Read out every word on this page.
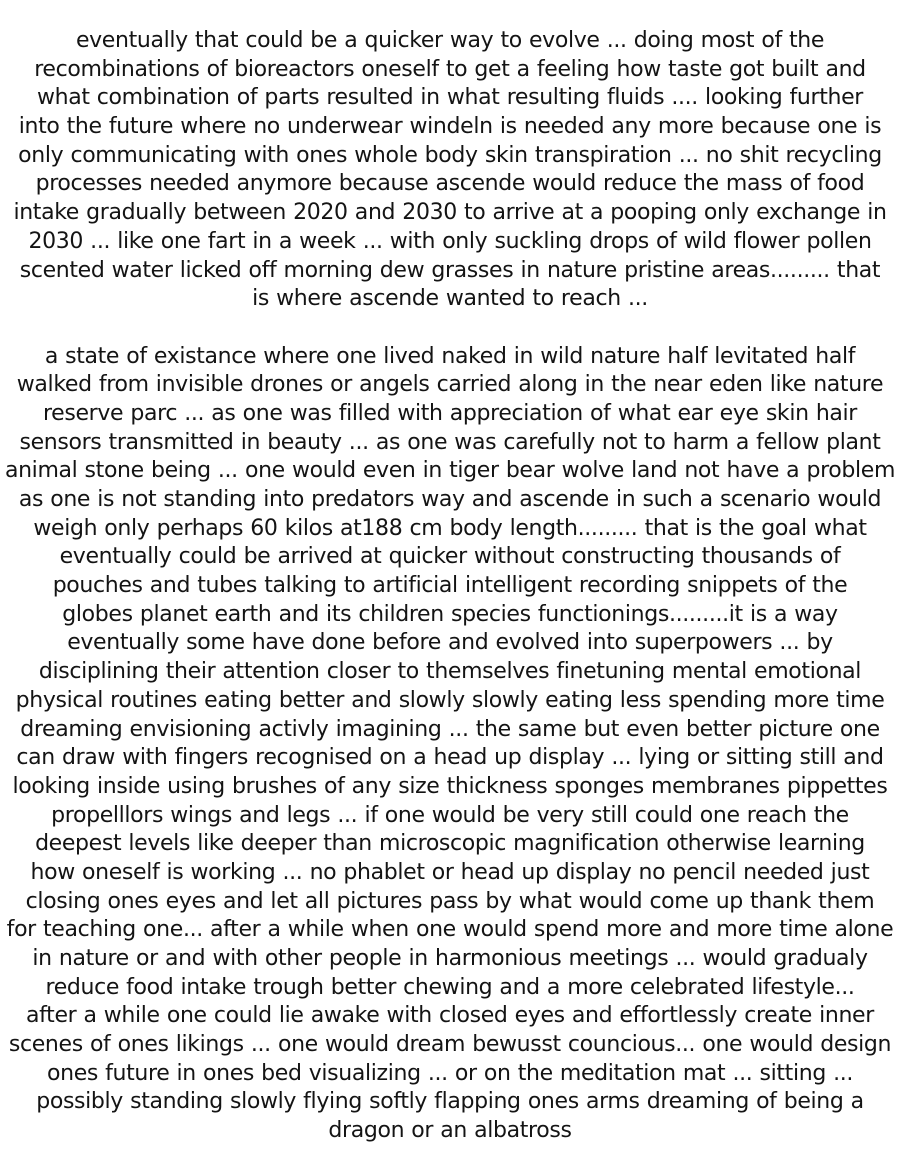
eventually that could be a quicker way to evolve ... doing most of the
recombinations of bioreactors oneself to get a feeling how taste got built and
what combination of parts resulted in what resulting fluids .... looking further
into the future where no underwear windeln is needed any more because one is
only communicating with ones whole body skin transpiration ... no shit recycling
processes needed anymore because ascende would reduce the mass of food
intake gradually between 2020 and 2030 to arrive at a pooping only exchange in
2030 ... like one fart in a week ... with only suckling drops of wild flower pollen
scented water licked off morning dew grasses in nature pristine areas......... that
is where ascende wanted to reach ...
a state of existance where one lived naked in wild nature half levitated half
walked from invisible drones or angels carried along in the near eden like nature
reserve parc ... as one was filled with appreciation of what ear eye skin hair
sensors transmitted in beauty ... as one was carefully not to harm a fellow plant
animal stone being ... one would even in tiger bear wolve land not have a problem
as one is not standing into predators way and ascende in such a scenario would
weigh only perhaps 60 kilos at188 cm body length......... that is the goal what
eventually could be arrived at quicker without constructing thousands of
pouches and tubes talking to artificial intelligent recording snippets of the
globes planet earth and its children species functionings.........it is a way
eventually some have done before and evolved into superpowers ... by
disciplining their attention closer to themselves finetuning mental emotional
physical routines eating better and slowly slowly eating less spending more time
dreaming envisioning activly imagining ... the same but even better picture one
can draw with fingers recognised on a head up display ... lying or sitting still and
looking inside using brushes of any size thickness sponges membranes pippettes
propelllors wings and legs ... if one would be very still could one reach the
deepest levels like deeper than microscopic magnification otherwise learning
how oneself is working ... no phablet or head up display no pencil needed just
closing ones eyes and let all pictures pass by what would come up thank them
for teaching one... after a while when one would spend more and more time alone
in nature or and with other people in harmonious meetings ... would gradualy
reduce food intake trough better chewing and a more celebrated lifestyle...
after a while one could lie awake with closed eyes and effortlessly create inner
scenes of ones likings ... one would dream bewusst councious... one would design
ones future in ones bed visualizing ... or on the meditation mat ... sitting ...
possibly standing slowly flying softly flapping ones arms dreaming of being a
dragon or an albatross
